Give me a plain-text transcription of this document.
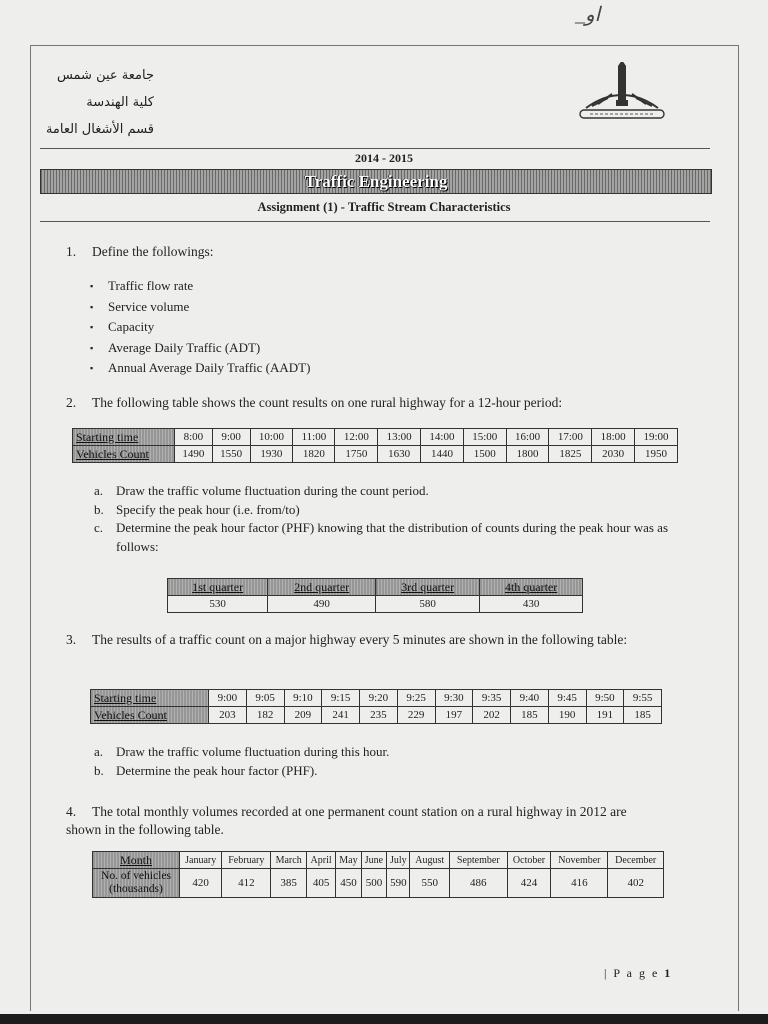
_او
جامعة عين شمس
كلية الهندسة
قسم الأشغال العامة
2014 - 2015
Traffic Engineering
Assignment (1) - Traffic Stream Characteristics
1. Define the followings:
▪ Traffic flow rate
▪ Service volume
▪ Capacity
▪ Average Daily Traffic (ADT)
▪ Annual Average Daily Traffic (AADT)
2. The following table shows the count results on one rural highway for a 12-hour period:
Starting time	8:00	9:00	10:00	11:00	12:00	13:00	14:00	15:00	16:00	17:00	18:00	19:00
Vehicles Count	1490	1550	1930	1820	1750	1630	1440	1500	1800	1825	2030	1950
a. Draw the traffic volume fluctuation during the count period.
b. Specify the peak hour (i.e. from/to)
c. Determine the peak hour factor (PHF) knowing that the distribution of counts during the peak hour was as follows:
1st quarter	2nd quarter	3rd quarter	4th quarter
530	490	580	430
3. The results of a traffic count on a major highway every 5 minutes are shown in the following table:
Starting time	9:00	9:05	9:10	9:15	9:20	9:25	9:30	9:35	9:40	9:45	9:50	9:55
Vehicles Count	203	182	209	241	235	229	197	202	185	190	191	185
a. Draw the traffic volume fluctuation during this hour.
b. Determine the peak hour factor (PHF).
4. The total monthly volumes recorded at one permanent count station on a rural highway in 2012 are shown in the following table.
Month	January	February	March	April	May	June	July	August	September	October	November	December
No. of vehicles (thousands)	420	412	385	405	450	500	590	550	486	424	416	402
| P a g e 1
